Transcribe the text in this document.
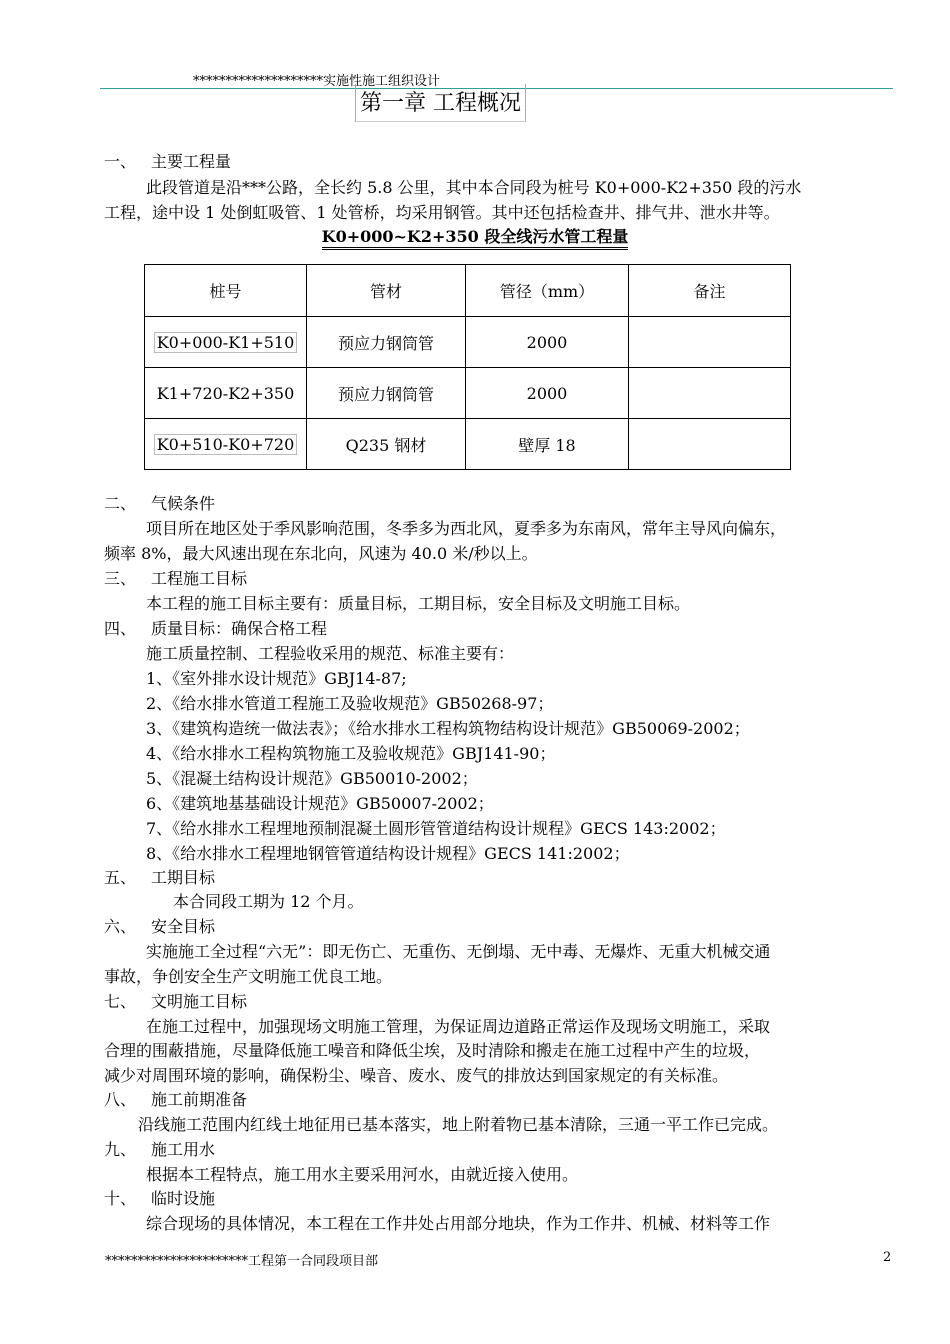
********************实施性施工组织设计
第一章 工程概况
一、 主要工程量
此段管道是沿***公路，全长约 5.8 公里，其中本合同段为桩号 K0+000-K2+350 段的污水
工程，途中设 1 处倒虹吸管、1 处管桥，均采用钢管。其中还包括检查井、排气井、泄水井等。
K0+000~K2+350 段全线污水管工程量
桩号	管材	管径（mm）	备注
K0+000-K1+510	预应力钢筒管	2000	
K1+720-K2+350	预应力钢筒管	2000	
K0+510-K0+720	Q235 钢材	壁厚 18	
二、 气候条件
项目所在地区处于季风影响范围，冬季多为西北风，夏季多为东南风，常年主导风向偏东，
频率 8%，最大风速出现在东北向，风速为 40.0 米/秒以上。
三、 工程施工目标
本工程的施工目标主要有：质量目标，工期目标，安全目标及文明施工目标。
四、 质量目标：确保合格工程
施工质量控制、工程验收采用的规范、标准主要有：
1、《室外排水设计规范》GBJ14-87;
2、《给水排水管道工程施工及验收规范》GB50268-97；
3、《建筑构造统一做法表》；《给水排水工程构筑物结构设计规范》GB50069-2002；
4、《给水排水工程构筑物施工及验收规范》GBJ141-90；
5、《混凝土结构设计规范》GB50010-2002；
6、《建筑地基基础设计规范》GB50007-2002；
7、《给水排水工程埋地预制混凝土圆形管管道结构设计规程》GECS 143:2002；
8、《给水排水工程埋地钢管管道结构设计规程》GECS 141:2002；
五、 工期目标
本合同段工期为 12 个月。
六、 安全目标
实施施工全过程“六无”：即无伤亡、无重伤、无倒塌、无中毒、无爆炸、无重大机械交通
事故，争创安全生产文明施工优良工地。
七、 文明施工目标
在施工过程中，加强现场文明施工管理，为保证周边道路正常运作及现场文明施工，采取
合理的围蔽措施，尽量降低施工噪音和降低尘埃，及时清除和搬走在施工过程中产生的垃圾，
减少对周围环境的影响，确保粉尘、噪音、废水、废气的排放达到国家规定的有关标准。
八、 施工前期准备
沿线施工范围内红线土地征用已基本落实，地上附着物已基本清除，三通一平工作已完成。
九、 施工用水
根据本工程特点，施工用水主要采用河水，由就近接入使用。
十、 临时设施
综合现场的具体情况，本工程在工作井处占用部分地块，作为工作井、机械、材料等工作
**********************工程第一合同段项目部	2
